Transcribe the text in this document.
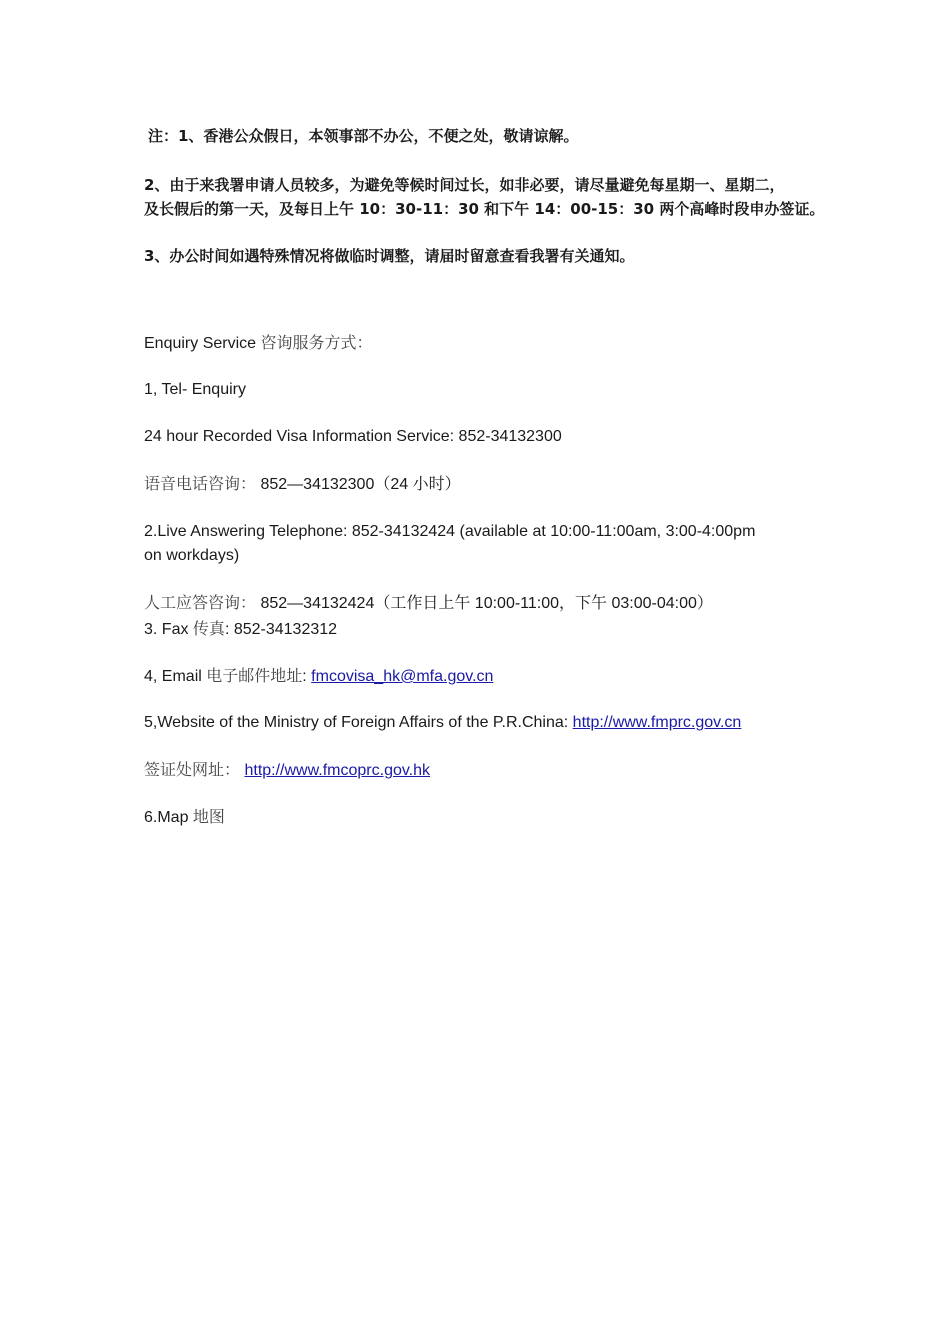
注：1、香港公众假日，本领事部不办公，不便之处，敬请谅解。
2、由于来我署申请人员较多，为避免等候时间过长，如非必要，请尽量避免每星期一、星期二，
及长假后的第一天，及每日上午 10：30-11：30 和下午 14：00-15：30 两个高峰时段申办签证。
3、办公时间如遇特殊情况将做临时调整，请届时留意查看我署有关通知。
Enquiry Service 咨询服务方式：
1, Tel- Enquiry
24 hour Recorded Visa Information Service: 852-34132300
语音电话咨询： 852—34132300（24 小时）
2.Live Answering Telephone: 852-34132424 (available at 10:00-11:00am, 3:00-4:00pm
on workdays)
人工应答咨询： 852—34132424（工作日上午 10:00-11:00，下午 03:00-04:00）
3. Fax 传真: 852-34132312
4, Email 电子邮件地址: fmcovisa_hk@mfa.gov.cn
5,Website of the Ministry of Foreign Affairs of the P.R.China: http://www.fmprc.gov.cn
签证处网址： http://www.fmcoprc.gov.hk
6.Map 地图
